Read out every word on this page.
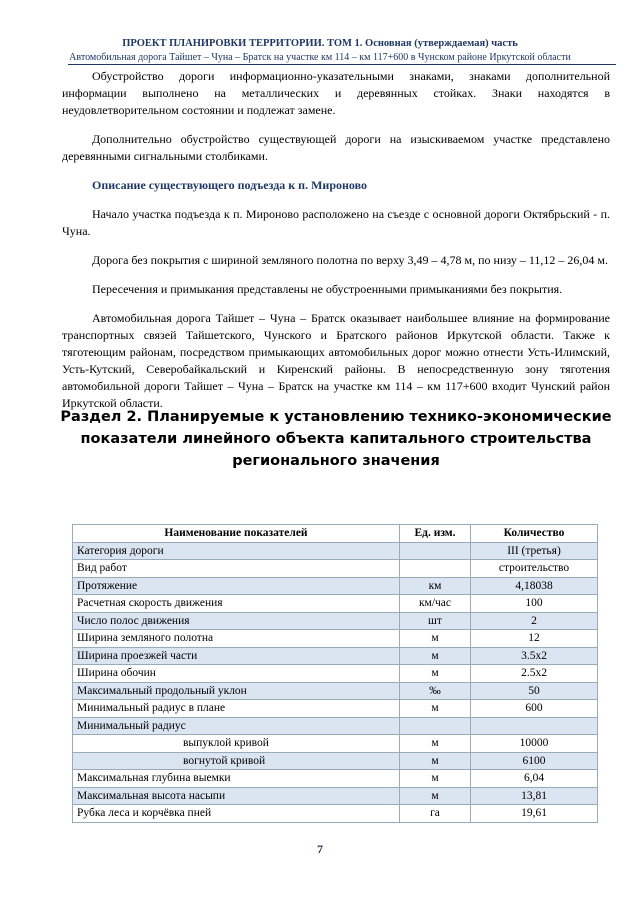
ПРОЕКТ ПЛАНИРОВКИ ТЕРРИТОРИИ. ТОМ 1. Основная (утверждаемая) часть
Автомобильная дорога Тайшет – Чуна – Братск на участке км 114 – км 117+600 в Чунском районе Иркутской области

Обустройство дороги информационно-указательными знаками, знаками дополнительной информации выполнено на металлических и деревянных стойках. Знаки находятся в неудовлетворительном состоянии и подлежат замене.

Дополнительно обустройство существующей дороги на изыскиваемом участке представлено деревянными сигнальными столбиками.

Описание существующего подъезда к п. Мироново

Начало участка подъезда к п. Мироново расположено на съезде с основной дороги Октябрьский - п. Чуна.

Дорога без покрытия с шириной земляного полотна по верху 3,49 – 4,78 м, по низу – 11,12 – 26,04 м.

Пересечения и примыкания представлены не обустроенными примыканиями без покрытия.

Автомобильная дорога Тайшет – Чуна – Братск оказывает наибольшее влияние на формирование транспортных связей Тайшетского, Чунского и Братского районов Иркутской области. Также к тяготеющим районам, посредством примыкающих автомобильных дорог можно отнести Усть-Илимский, Усть-Кутский, Северобайкальский и Киренский районы. В непосредственную зону тяготения автомобильной дороги Тайшет – Чуна – Братск на участке км 114 – км 117+600 входит Чунский район Иркутской области.

Раздел 2. Планируемые к установлению технико-экономические
показатели линейного объекта капитального строительства
регионального значения
Наименование показателей	Ед. изм.	Количество
Категория дороги		III (третья)
Вид работ		строительство
Протяжение	км	4,18038
Расчетная скорость движения	км/час	100
Число полос движения	шт	2
Ширина земляного полотна	м	12
Ширина проезжей части	м	3.5х2
Ширина обочин	м	2.5х2
Максимальный продольный уклон	‰	50
Минимальный радиус в плане	м	600
Минимальный радиус		
выпуклой кривой	м	10000
вогнутой кривой	м	6100
Максимальная глубина выемки	м	6,04
Максимальная высота насыпи	м	13,81
Рубка леса и корчёвка пней	га	19,61
7
